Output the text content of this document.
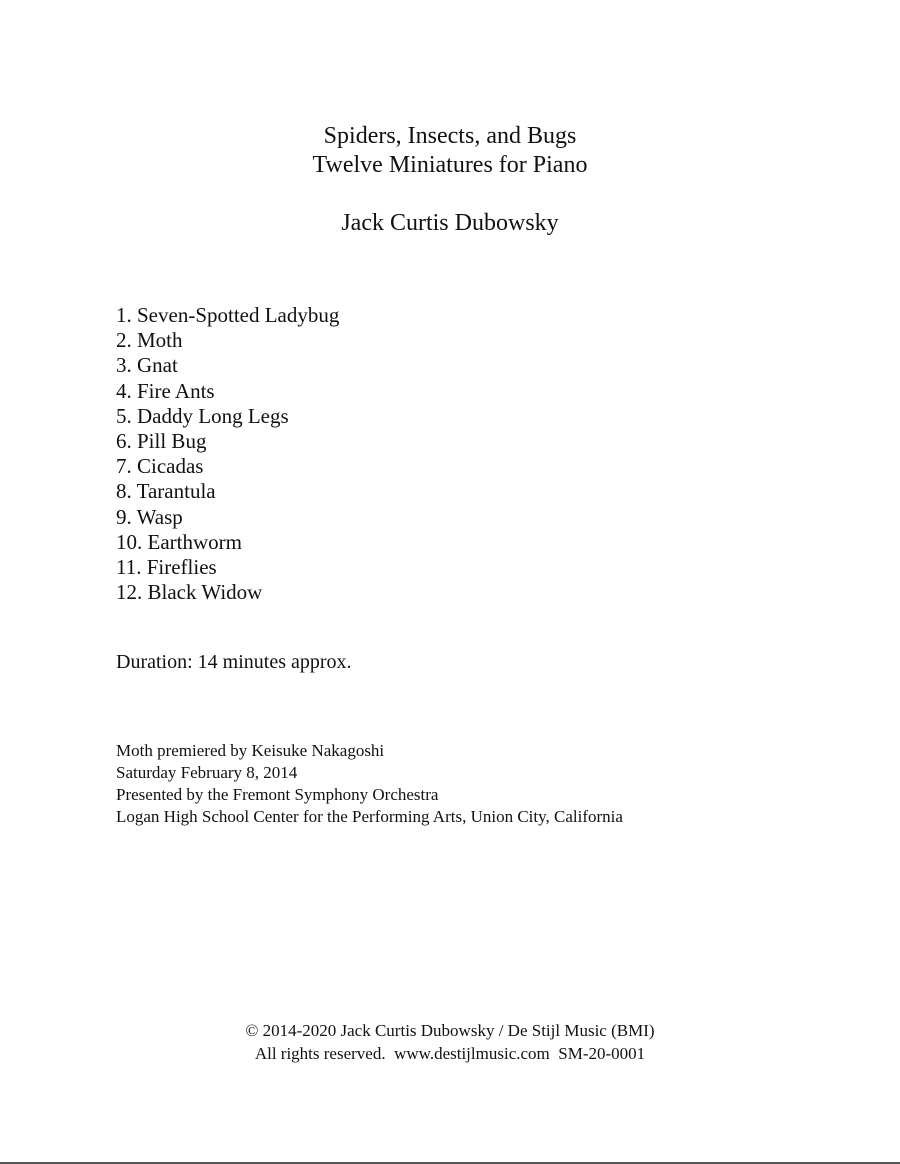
Spiders, Insects, and Bugs
Twelve Miniatures for Piano
Jack Curtis Dubowsky
1. Seven-Spotted Ladybug
2. Moth
3. Gnat
4. Fire Ants
5. Daddy Long Legs
6. Pill Bug
7. Cicadas
8. Tarantula
9. Wasp
10. Earthworm
11. Fireflies
12. Black Widow
Duration: 14 minutes approx.
Moth premiered by Keisuke Nakagoshi
Saturday February 8, 2014
Presented by the Fremont Symphony Orchestra
Logan High School Center for the Performing Arts, Union City, California
© 2014-2020 Jack Curtis Dubowsky / De Stijl Music (BMI)
All rights reserved.  www.destijlmusic.com  SM-20-0001
